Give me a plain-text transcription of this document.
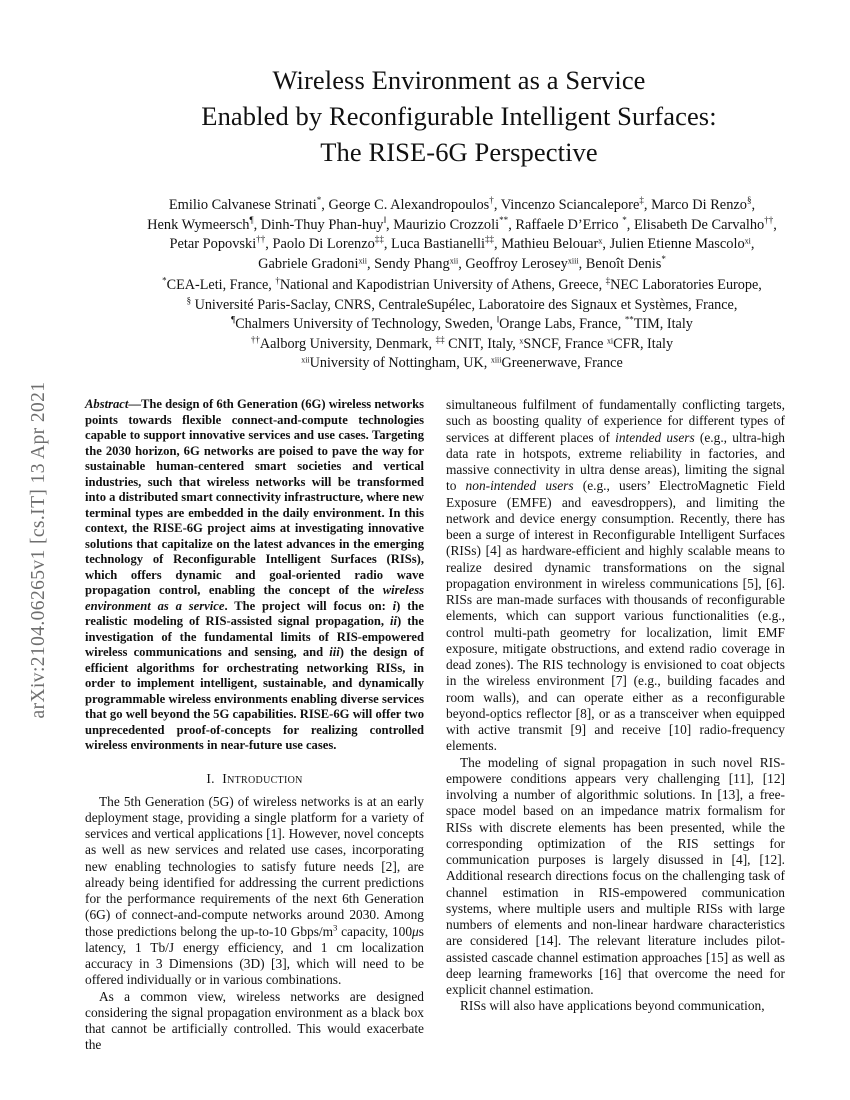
arXiv:2104.06265v1 [cs.IT] 13 Apr 2021
Wireless Environment as a Service
Enabled by Reconfigurable Intelligent Surfaces:
The RISE-6G Perspective
Emilio Calvanese Strinati*, George C. Alexandropoulos†, Vincenzo Sciancalepore‡, Marco Di Renzo§,
Henk Wymeersch¶, Dinh-Thuy Phan-huy‖, Maurizio Crozzoli**, Raffaele D’Errico *, Elisabeth De Carvalho††,
Petar Popovski††, Paolo Di Lorenzo‡‡, Luca Bastianelli‡‡, Mathieu Belouar$^x$, Julien Etienne Mascolo$^{xi}$,
Gabriele Gradoni$^{xii}$, Sendy Phang$^{xii}$, Geoffroy Lerosey$^{xiii}$, Benoît Denis*
*CEA-Leti, France, †National and Kapodistrian University of Athens, Greece, ‡NEC Laboratories Europe,
§ Université Paris-Saclay, CNRS, CentraleSupélec, Laboratoire des Signaux et Systèmes, France,
¶Chalmers University of Technology, Sweden, ‖Orange Labs, France, **TIM, Italy
††Aalborg University, Denmark, ‡‡ CNIT, Italy, $^x$SNCF, France $^{xi}$CFR, Italy
$^{xii}$University of Nottingham, UK, $^{xiii}$Greenerwave, France

Abstract—The design of 6th Generation (6G) wireless networks points towards flexible connect-and-compute technologies capable to support innovative services and use cases. Targeting the 2030 horizon, 6G networks are poised to pave the way for sustainable human-centered smart societies and vertical industries, such that wireless networks will be transformed into a distributed smart connectivity infrastructure, where new terminal types are embedded in the daily environment. In this context, the RISE-6G project aims at investigating innovative solutions that capitalize on the latest advances in the emerging technology of Reconfigurable Intelligent Surfaces (RISs), which offers dynamic and goal-oriented radio wave propagation control, enabling the concept of the wireless environment as a service. The project will focus on: i) the realistic modeling of RIS-assisted signal propagation, ii) the investigation of the fundamental limits of RIS-empowered wireless communications and sensing, and iii) the design of efficient algorithms for orchestrating networking RISs, in order to implement intelligent, sustainable, and dynamically programmable wireless environments enabling diverse services that go well beyond the 5G capabilities. RISE-6G will offer two unprecedented proof-of-concepts for realizing controlled wireless environments in near-future use cases.

I. Introduction

The 5th Generation (5G) of wireless networks is at an early deployment stage, providing a single platform for a variety of services and vertical applications [1]. However, novel concepts as well as new services and related use cases, incorporating new enabling technologies to satisfy future needs [2], are already being identified for addressing the current predictions for the performance requirements of the next 6th Generation (6G) of connect-and-compute networks around 2030. Among those predictions belong the up-to-10 Gbps/$m^3$ capacity, 100μs latency, 1 Tb/J energy efficiency, and 1 cm localization accuracy in 3 Dimensions (3D) [3], which will need to be offered individually or in various combinations.

As a common view, wireless networks are designed considering the signal propagation environment as a black box that cannot be artificially controlled. This would exacerbate the

simultaneous fulfilment of fundamentally conflicting targets, such as boosting quality of experience for different types of services at different places of intended users (e.g., ultra-high data rate in hotspots, extreme reliability in factories, and massive connectivity in ultra dense areas), limiting the signal to non-intended users (e.g., users’ ElectroMagnetic Field Exposure (EMFE) and eavesdroppers), and limiting the network and device energy consumption. Recently, there has been a surge of interest in Reconfigurable Intelligent Surfaces (RISs) [4] as hardware-efficient and highly scalable means to realize desired dynamic transformations on the signal propagation environment in wireless communications [5], [6]. RISs are man-made surfaces with thousands of reconfigurable elements, which can support various functionalities (e.g., control multi-path geometry for localization, limit EMF exposure, mitigate obstructions, and extend radio coverage in dead zones). The RIS technology is envisioned to coat objects in the wireless environment [7] (e.g., building facades and room walls), and can operate either as a reconfigurable beyond-optics reflector [8], or as a transceiver when equipped with active transmit [9] and receive [10] radio-frequency elements.

The modeling of signal propagation in such novel RIS-empowere conditions appears very challenging [11], [12] involving a number of algorithmic solutions. In [13], a free-space model based on an impedance matrix formalism for RISs with discrete elements has been presented, while the corresponding optimization of the RIS settings for communication purposes is largely disussed in [4], [12]. Additional research directions focus on the challenging task of channel estimation in RIS-empowered communication systems, where multiple users and multiple RISs with large numbers of elements and non-linear hardware characteristics are considered [14]. The relevant literature includes pilot-assisted cascade channel estimation approaches [15] as well as deep learning frameworks [16] that overcome the need for explicit channel estimation.

RISs will also have applications beyond communication,
